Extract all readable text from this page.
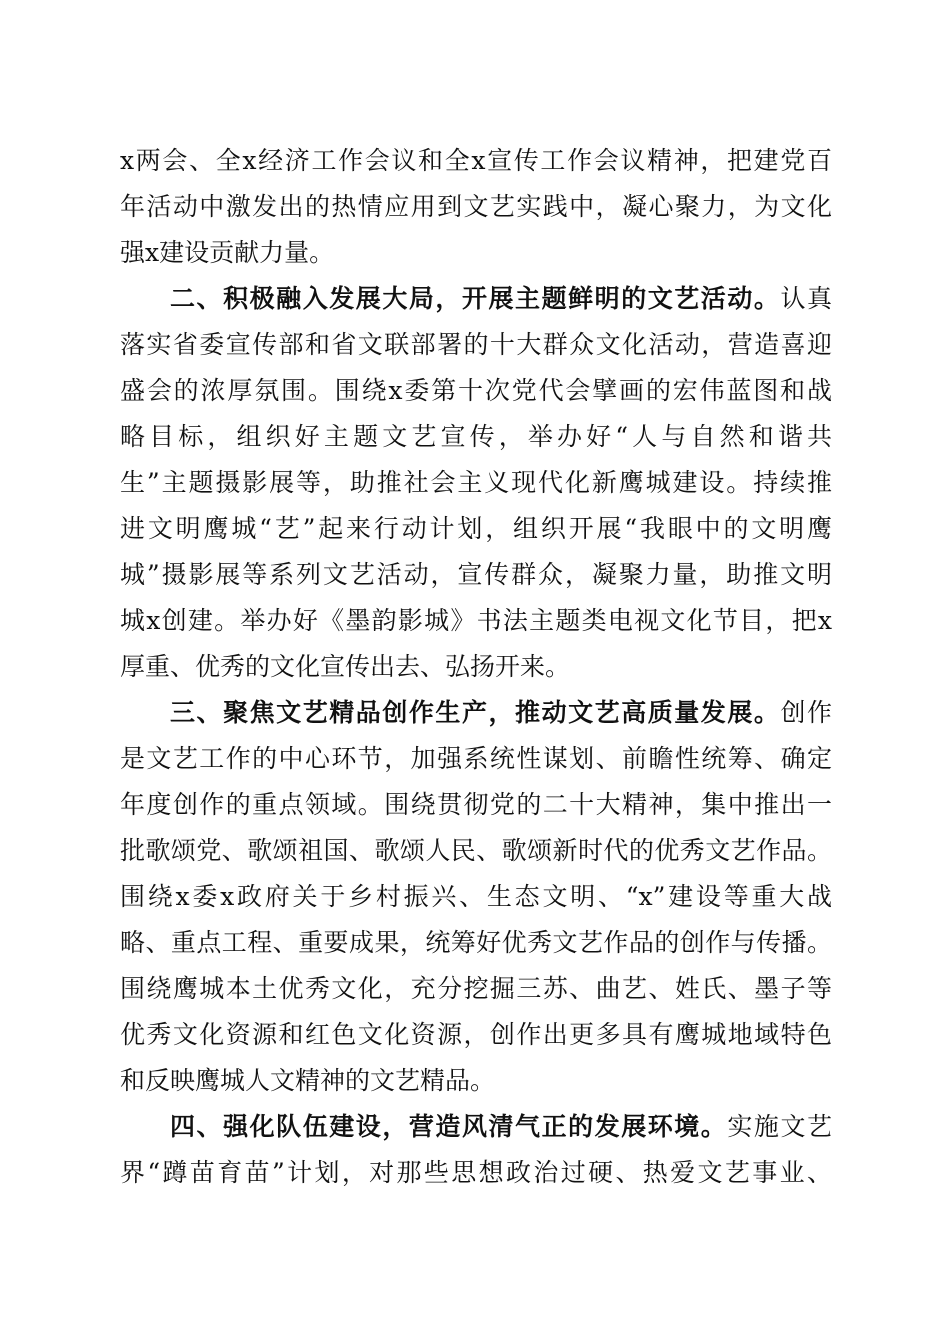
x两会、全x经济工作会议和全x宣传工作会议精神，把建党百
年活动中激发出的热情应用到文艺实践中，凝心聚力，为文化
强x建设贡献力量。
二、积极融入发展大局，开展主题鲜明的文艺活动。认真
落实省委宣传部和省文联部署的十大群众文化活动，营造喜迎
盛会的浓厚氛围。围绕x委第十次党代会擘画的宏伟蓝图和战
略目标，组织好主题文艺宣传，举办好“人与自然和谐共
生”主题摄影展等，助推社会主义现代化新鹰城建设。持续推
进文明鹰城“艺”起来行动计划，组织开展“我眼中的文明鹰
城”摄影展等系列文艺活动，宣传群众，凝聚力量，助推文明
城x创建。举办好《墨韵影城》书法主题类电视文化节目，把x
厚重、优秀的文化宣传出去、弘扬开来。
三、聚焦文艺精品创作生产，推动文艺高质量发展。创作
是文艺工作的中心环节，加强系统性谋划、前瞻性统筹、确定
年度创作的重点领域。围绕贯彻党的二十大精神，集中推出一
批歌颂党、歌颂祖国、歌颂人民、歌颂新时代的优秀文艺作品。
围绕x委x政府关于乡村振兴、生态文明、“x”建设等重大战
略、重点工程、重要成果，统筹好优秀文艺作品的创作与传播。
围绕鹰城本土优秀文化，充分挖掘三苏、曲艺、姓氏、墨子等
优秀文化资源和红色文化资源，创作出更多具有鹰城地域特色
和反映鹰城人文精神的文艺精品。
四、强化队伍建设，营造风清气正的发展环境。实施文艺
界“蹲苗育苗”计划，对那些思想政治过硬、热爱文艺事业、
